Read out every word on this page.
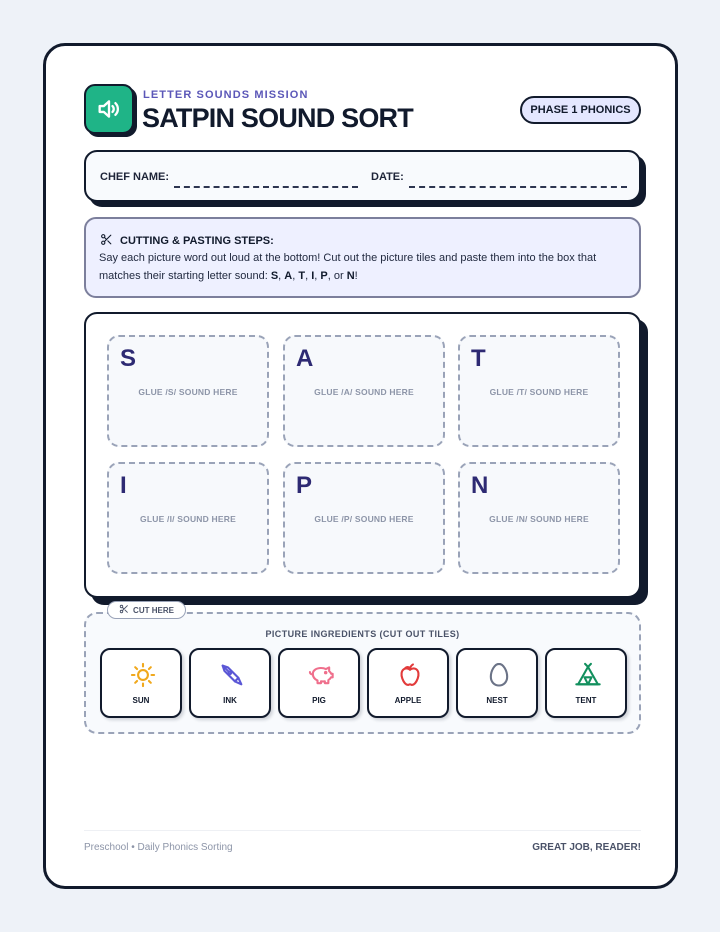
LETTER SOUNDS MISSION
SATPIN SOUND SORT	PHASE 1 PHONICS
CHEF NAME:	DATE:
CUTTING & PASTING STEPS:
Say each picture word out loud at the bottom! Cut out the picture tiles and paste them into the box that matches their starting letter sound: S, A, T, I, P, or N!
S
GLUE /S/ SOUND HERE
A
GLUE /A/ SOUND HERE
T
GLUE /T/ SOUND HERE
I
GLUE /I/ SOUND HERE
P
GLUE /P/ SOUND HERE
N
GLUE /N/ SOUND HERE
CUT HERE
PICTURE INGREDIENTS (CUT OUT TILES)
SUN	INK	PIG	APPLE	NEST	TENT
Preschool • Daily Phonics Sorting	GREAT JOB, READER!
